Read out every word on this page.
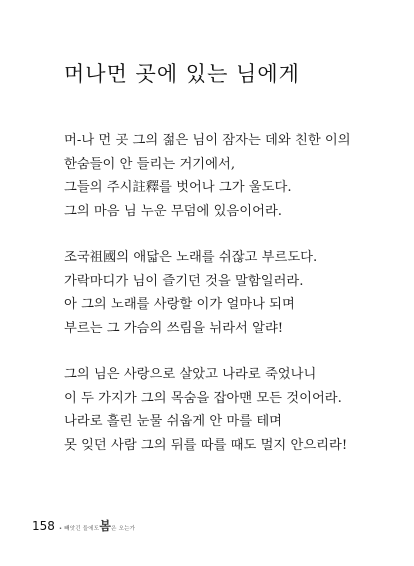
머나먼 곳에 있는 님에게
머-나 먼 곳 그의 젊은 님이 잠자는 데와 친한 이의
한숨들이 안 들리는 거기에서,
그들의 주시註釋를 벗어나 그가 울도다.
그의 마음 님 누운 무덤에 있음이어라.
조국祖國의 애닯은 노래를 쉬잖고 부르도다.
가락마디가 님이 즐기던 것을 말함일러라.
아 그의 노래를 사랑할 이가 얼마나 되며
부르는 그 가슴의 쓰림을 뉘라서 알랴!
그의 님은 사랑으로 살았고 나라로 죽었나니
이 두 가지가 그의 목숨을 잡아맨 모든 것이어라.
나라로 흘린 눈물 쉬웁게 안 마를 테며
못 잊던 사람 그의 뒤를 따를 때도 멀지 안으리라!
158 • 빼앗긴 들에도봄은 오는가
